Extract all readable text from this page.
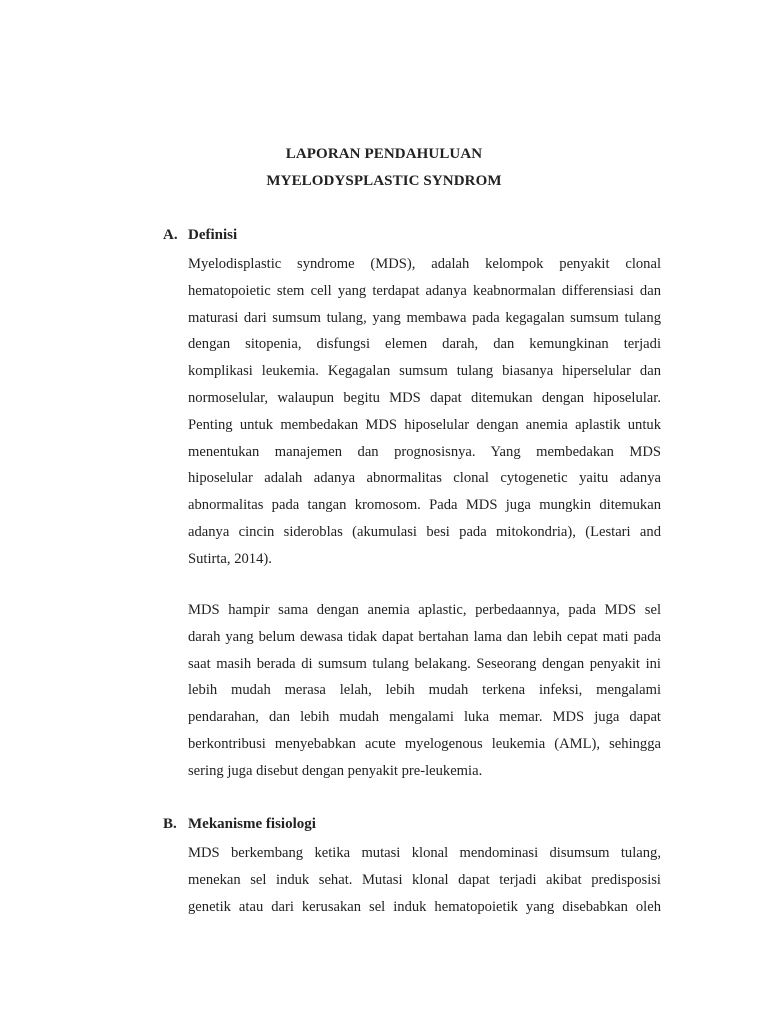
LAPORAN PENDAHULUAN
MYELODYSPLASTIC SYNDROM
A. Definisi
Myelodisplastic syndrome (MDS), adalah kelompok penyakit clonal
hematopoietic stem cell yang terdapat adanya keabnormalan differensiasi dan
maturasi dari sumsum tulang, yang membawa pada kegagalan sumsum tulang
dengan sitopenia, disfungsi elemen darah, dan kemungkinan terjadi
komplikasi leukemia. Kegagalan sumsum tulang biasanya hiperselular dan
normoselular, walaupun begitu MDS dapat ditemukan dengan hiposelular.
Penting untuk membedakan MDS hiposelular dengan anemia aplastik untuk
menentukan manajemen dan prognosisnya. Yang membedakan MDS
hiposelular adalah adanya abnormalitas clonal cytogenetic yaitu adanya
abnormalitas pada tangan kromosom. Pada MDS juga mungkin ditemukan
adanya cincin sideroblas (akumulasi besi pada mitokondria), (Lestari and
Sutirta, 2014).
MDS hampir sama dengan anemia aplastic, perbedaannya, pada MDS sel
darah yang belum dewasa tidak dapat bertahan lama dan lebih cepat mati pada
saat masih berada di sumsum tulang belakang. Seseorang dengan penyakit ini
lebih mudah merasa lelah, lebih mudah terkena infeksi, mengalami
pendarahan, dan lebih mudah mengalami luka memar. MDS juga dapat
berkontribusi menyebabkan acute myelogenous leukemia (AML), sehingga
sering juga disebut dengan penyakit pre-leukemia.
B. Mekanisme fisiologi
MDS berkembang ketika mutasi klonal mendominasi disumsum tulang,
menekan sel induk sehat. Mutasi klonal dapat terjadi akibat predisposisi
genetik atau dari kerusakan sel induk hematopoietik yang disebabkan oleh
